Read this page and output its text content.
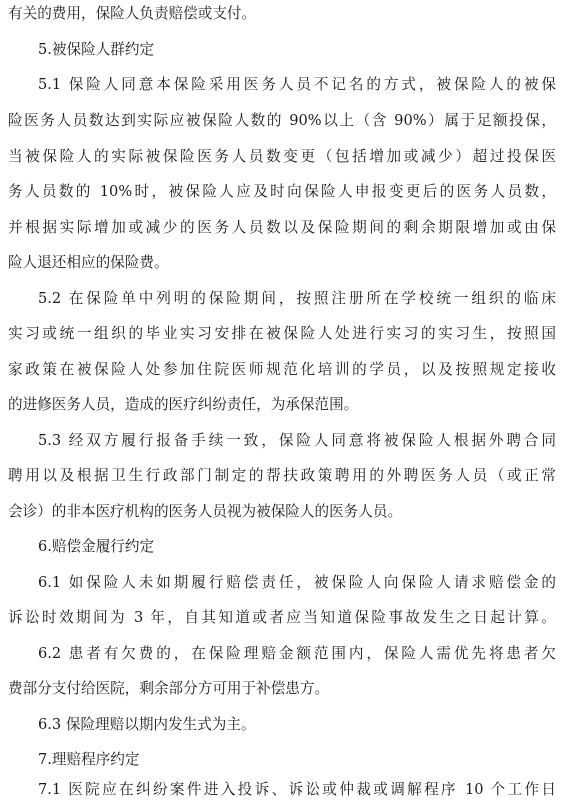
有关的费用，保险人负责赔偿或支付。
5.被保险人群约定
5.1 保险人同意本保险采用医务人员不记名的方式，被保险人的被保
险医务人员数达到实际应被保险人数的 90%以上（含 90%）属于足额投保，
当被保险人的实际被保险医务人员数变更（包括增加或减少）超过投保医
务人员数的 10%时，被保险人应及时向保险人申报变更后的医务人员数，
并根据实际增加或减少的医务人员数以及保险期间的剩余期限增加或由保
险人退还相应的保险费。
5.2 在保险单中列明的保险期间，按照注册所在学校统一组织的临床
实习或统一组织的毕业实习安排在被保险人处进行实习的实习生，按照国
家政策在被保险人处参加住院医师规范化培训的学员，以及按照规定接收
的进修医务人员，造成的医疗纠纷责任，为承保范围。
5.3 经双方履行报备手续一致，保险人同意将被保险人根据外聘合同
聘用以及根据卫生行政部门制定的帮扶政策聘用的外聘医务人员（或正常
会诊）的非本医疗机构的医务人员视为被保险人的医务人员。
6.赔偿金履行约定
6.1 如保险人未如期履行赔偿责任，被保险人向保险人请求赔偿金的
诉讼时效期间为 3 年，自其知道或者应当知道保险事故发生之日起计算。
6.2 患者有欠费的，在保险理赔金额范围内，保险人需优先将患者欠
费部分支付给医院，剩余部分方可用于补偿患方。
6.3 保险理赔以期内发生式为主。
7.理赔程序约定
7.1 医院应在纠纷案件进入投诉、诉讼或仲裁或调解程序 10 个工作日
